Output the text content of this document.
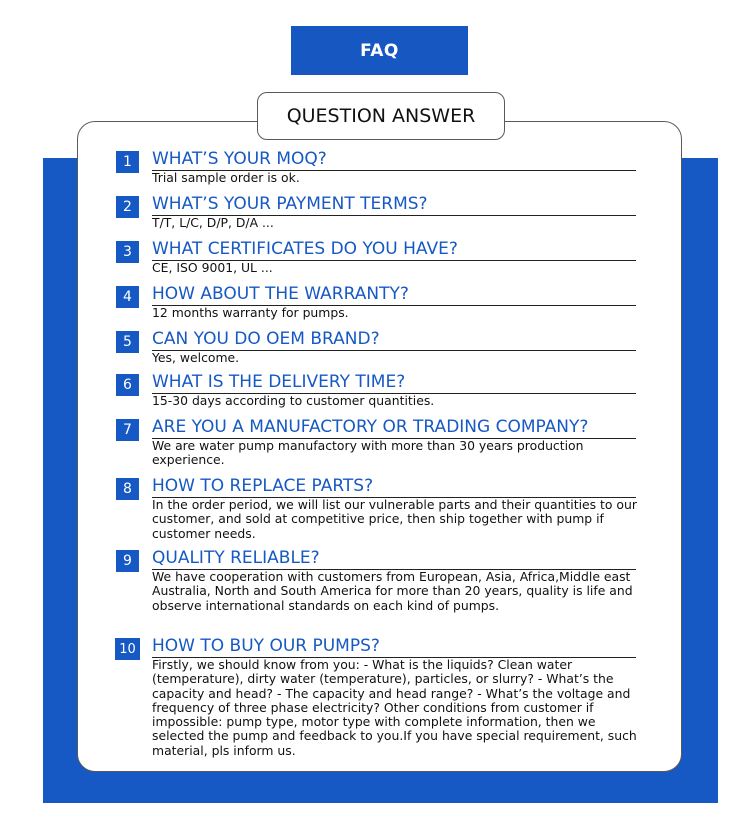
FAQ
QUESTION ANSWER
1	WHAT’S YOUR MOQ?
Trial sample order is ok.
2	WHAT’S YOUR PAYMENT TERMS?
T/T, L/C, D/P, D/A ...
3	WHAT CERTIFICATES DO YOU HAVE?
CE, ISO 9001, UL ...
4	HOW ABOUT THE WARRANTY?
12 months warranty for pumps.
5	CAN YOU DO OEM BRAND?
Yes, welcome.
6	WHAT IS THE DELIVERY TIME?
15-30 days according to customer quantities.
7	ARE YOU A MANUFACTORY OR TRADING COMPANY?
We are water pump manufactory with more than 30 years production experience.
8	HOW TO REPLACE PARTS?
In the order period, we will list our vulnerable parts and their quantities to our customer, and sold at competitive price, then ship together with pump if customer needs.
9	QUALITY RELIABLE?
We have cooperation with customers from European, Asia, Africa,Middle east Australia, North and South America for more than 20 years, quality is life and observe international standards on each kind of pumps.
10 HOW TO BUY OUR PUMPS?
Firstly, we should know from you: - What is the liquids? Clean water (temperature), dirty water (temperature), particles, or slurry? - What’s the capacity and head? - The capacity and head range? - What’s the voltage and frequency of three phase electricity? Other conditions from customer if impossible: pump type, motor type with complete information, then we selected the pump and feedback to you.If you have special requirement, such material, pls inform us.
